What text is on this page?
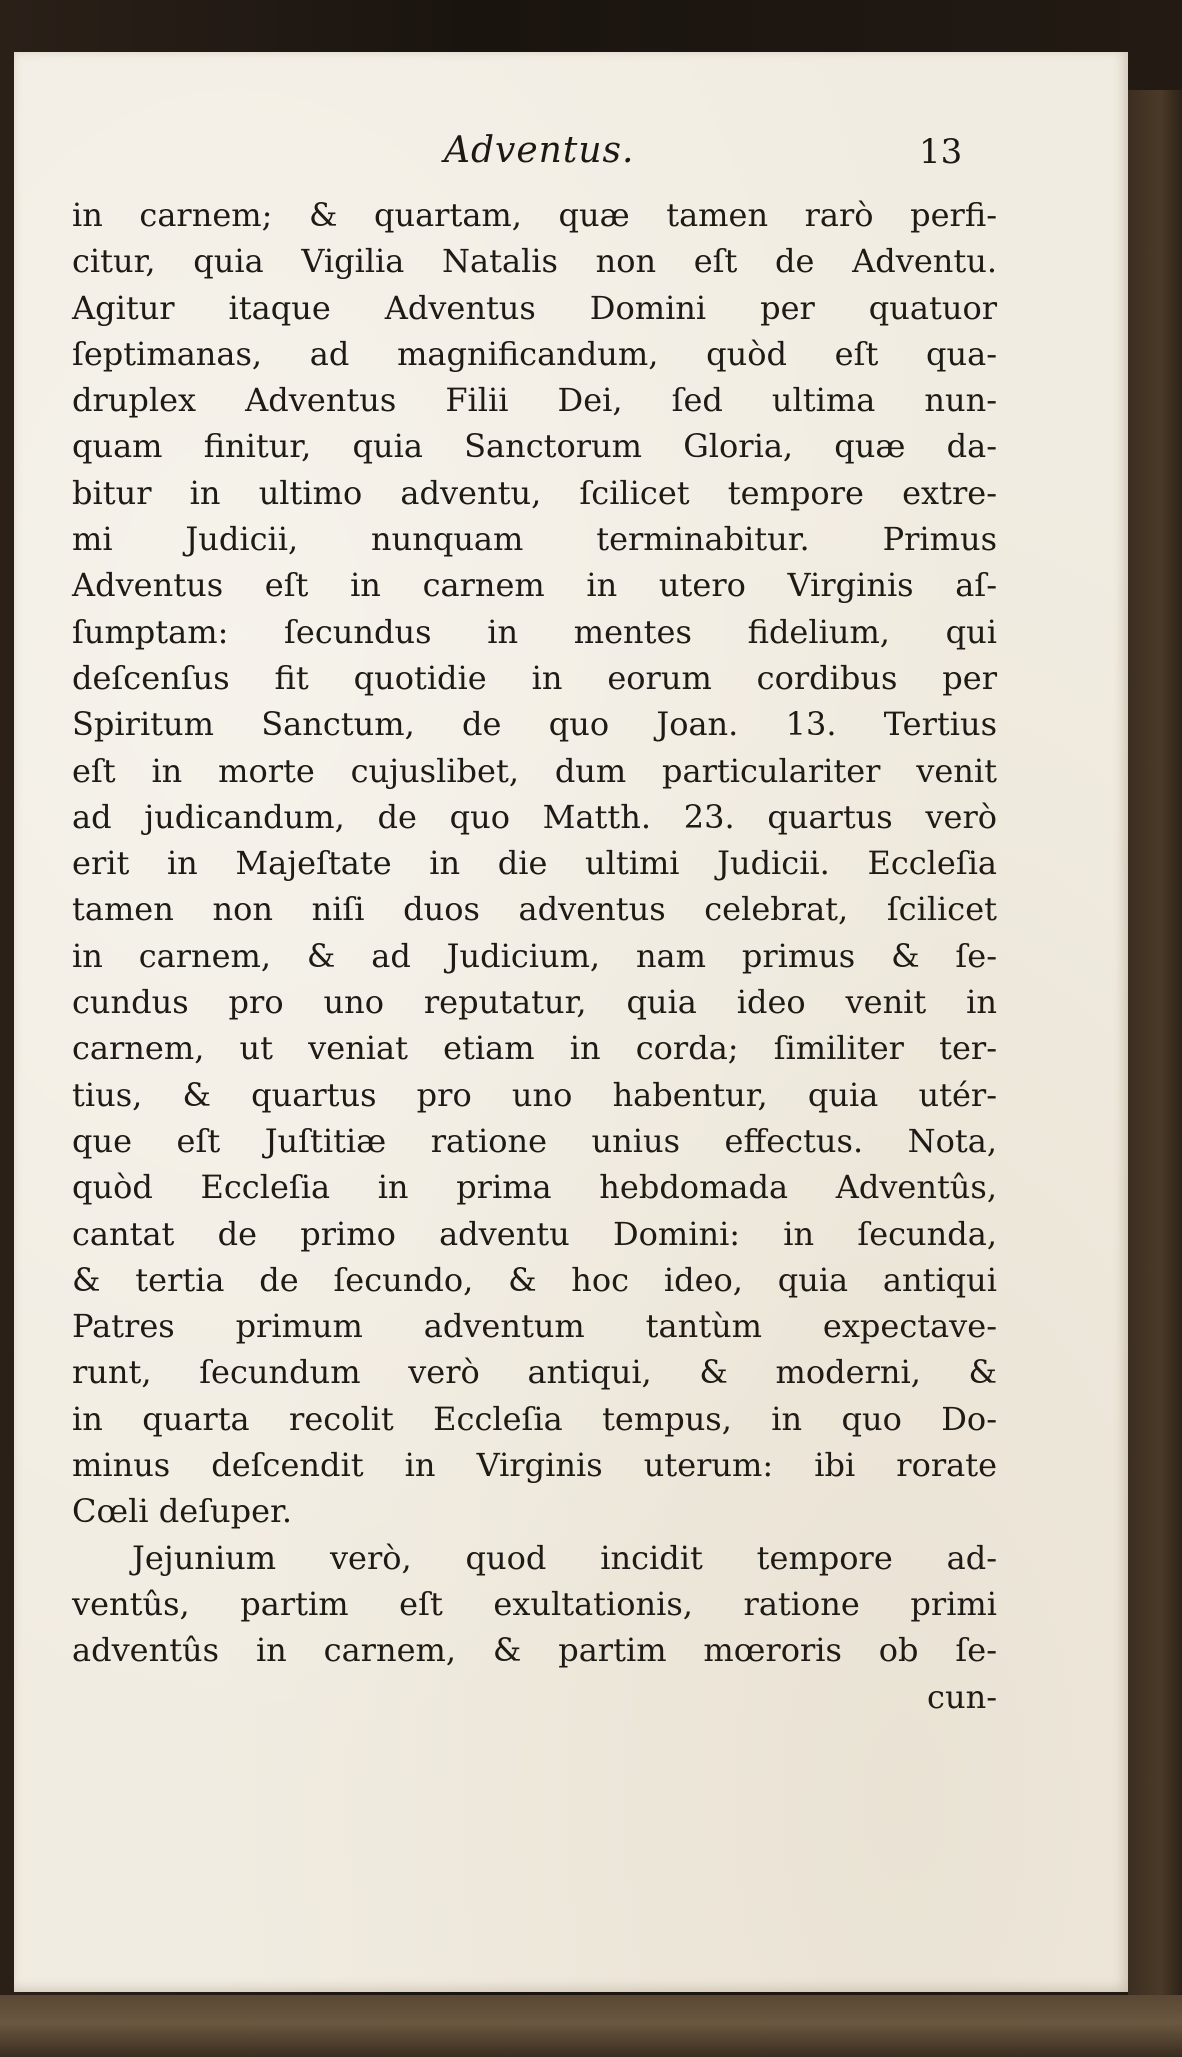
Adventus.	13
in carnem; & quartam, quæ tamen rarò perfi-
citur, quia Vigilia Natalis non eſt de Adventu.
Agitur itaque Adventus Domini per quatuor
ſeptimanas, ad magnificandum, quòd eſt qua-
druplex Adventus Filii Dei, ſed ultima nun-
quam finitur, quia Sanctorum Gloria, quæ da-
bitur in ultimo adventu, ſcilicet tempore extre-
mi Judicii, nunquam terminabitur. Primus
Adventus eſt in carnem in utero Virginis aſ-
ſumptam: ſecundus in mentes fidelium, qui
deſcenſus fit quotidie in eorum cordibus per
Spiritum Sanctum, de quo Joan. 13. Tertius
eſt in morte cujuslibet, dum particulariter venit
ad judicandum, de quo Matth. 23. quartus verò
erit in Majeſtate in die ultimi Judicii. Eccleſia
tamen non niſi duos adventus celebrat, ſcilicet
in carnem, & ad Judicium, nam primus & ſe-
cundus pro uno reputatur, quia ideo venit in
carnem, ut veniat etiam in corda; ſimiliter ter-
tius, & quartus pro uno habentur, quia utér-
que eſt Juſtitiæ ratione unius effectus. Nota,
quòd Eccleſia in prima hebdomada Adventûs,
cantat de primo adventu Domini: in ſecunda,
& tertia de ſecundo, & hoc ideo, quia antiqui
Patres primum adventum tantùm expectave-
runt, ſecundum verò antiqui, & moderni, &
in quarta recolit Eccleſia tempus, in quo Do-
minus deſcendit in Virginis uterum: ibi rorate
Cœli deſuper.
Jejunium verò, quod incidit tempore ad-
ventûs, partim eſt exultationis, ratione primi
adventûs in carnem, & partim mœroris ob ſe-
cun-
